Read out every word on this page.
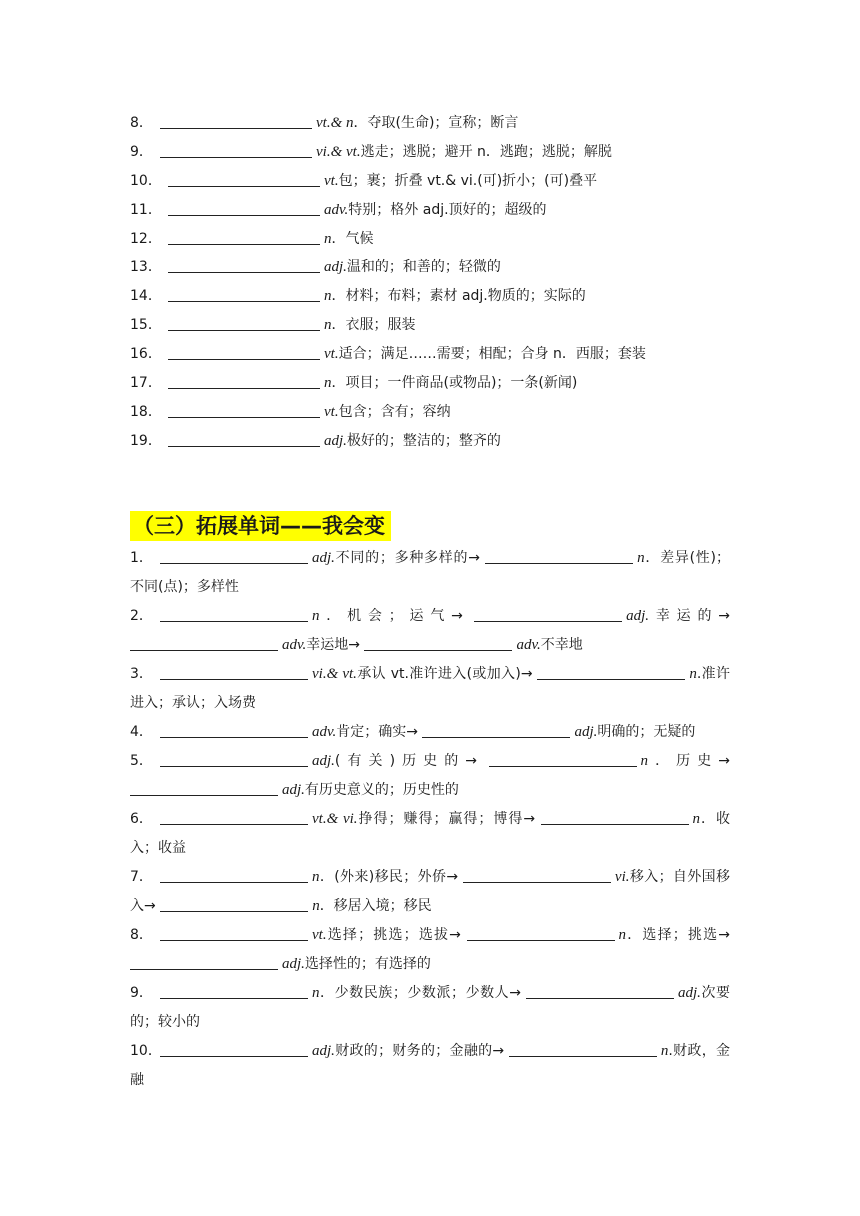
8．	vt.& n．夺取(生命)；宣称；断言
9．	vi.& vt.逃走；逃脱；避开 n．逃跑；逃脱；解脱
10．	vt.包；裹；折叠 vt.& vi.(可)折小；(可)叠平
11．	adv.特别；格外 adj.顶好的；超级的
12．	n．气候
13．	adj.温和的；和善的；轻微的
14．	n．材料；布料；素材 adj.物质的；实际的
15．	n．衣服；服装
16．	vt.适合；满足……需要；相配；合身 n．西服；套装
17．	n．项目；一件商品(或物品)；一条(新闻)
18．	vt.包含；含有；容纳
19．	adj.极好的；整洁的；整齐的
（三）拓展单词——我会变
1．	adj.不同的；多种多样的→	n．差异(性)；不同(点)；多样性
2．	n．机会；运气→	adj.幸运的→ adv.幸运地→	adv.不幸地
3．	vi.& vt.承认 vt.准许进入(或加入)→	n.准许进入；承认；入场费
4．	adv.肯定；确实→	adj.明确的；无疑的
5．	adj.(有关)历史的→	n．历史→ adj.有历史意义的；历史性的
6．	vt.& vi.挣得；赚得；赢得；博得→	n．收入；收益
7．	n．(外来)移民；外侨→	vi.移入；自外国移入→	n．移居入境；移民
8．	vt.选择；挑选；选拔→	n．选择；挑选→ adj.选择性的；有选择的
9．	n．少数民族；少数派；少数人→	adj.次要的；较小的
10．	adj.财政的；财务的；金融的→	n.财政，金融
